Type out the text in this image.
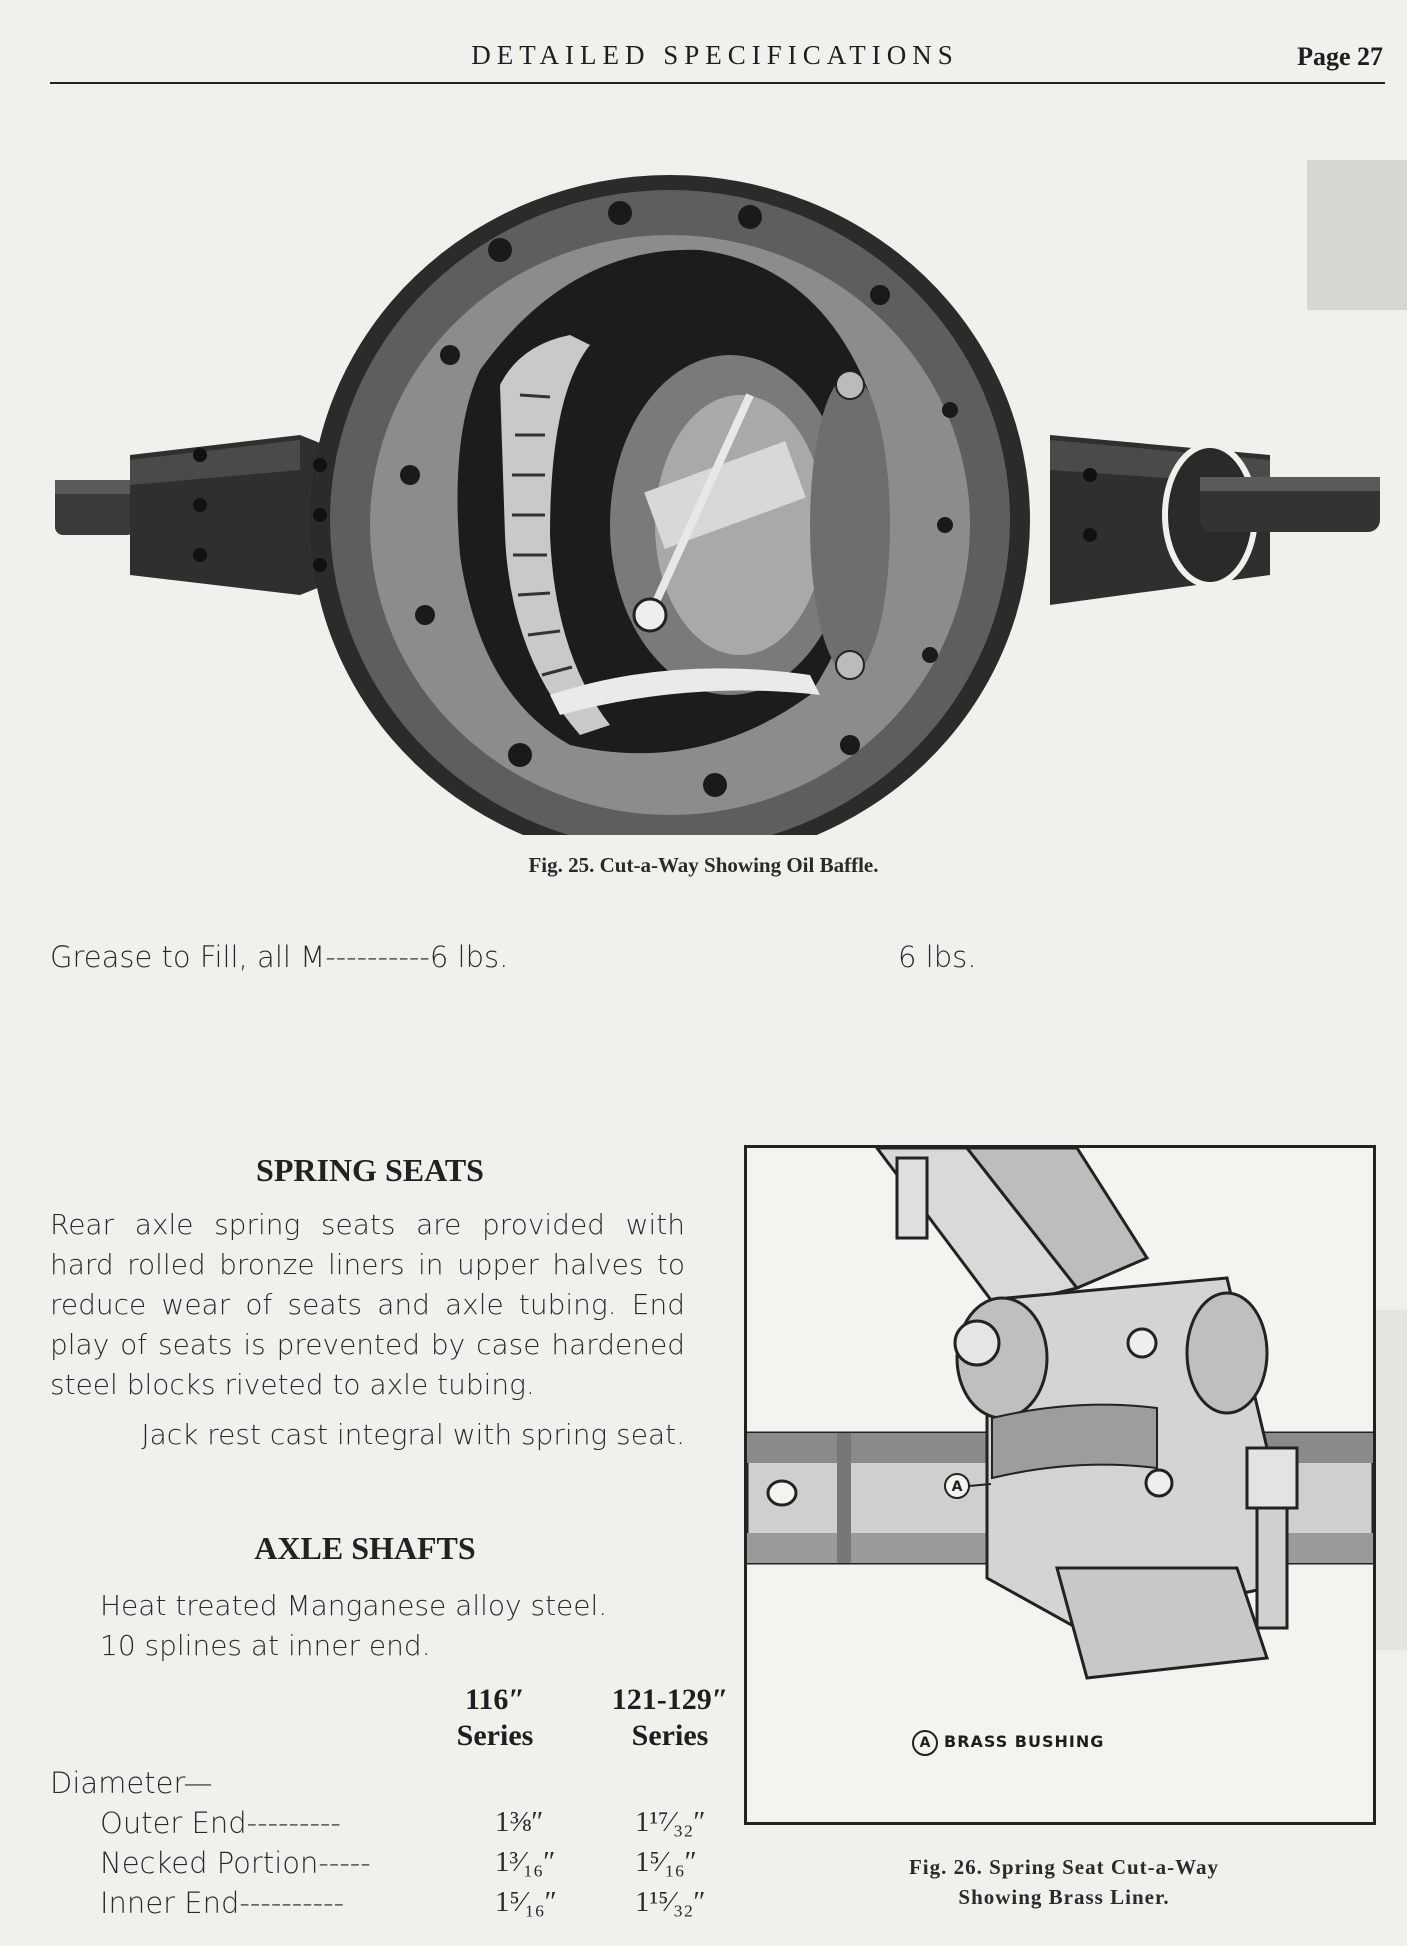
DETAILED SPECIFICATIONS	Page 27
Fig. 25. Cut-a-Way Showing Oil Baffle.
Grease to Fill, all M----------6 lbs.	6 lbs.
SPRING SEATS
Rear axle spring seats are provided with hard rolled bronze liners in upper halves to reduce wear of seats and axle tubing. End play of seats is prevented by case hardened steel blocks riveted to axle tubing.
Jack rest cast integral with spring seat.
AXLE SHAFTS
Heat treated Manganese alloy steel.
10 splines at inner end.
116″
Series
121-129″
Series
Diameter—
Outer End---------	1⅜″	1¹⁷⁄₃₂″
Necked Portion-----	1³⁄₁₆″	1⁵⁄₁₆″
Inner End----------	1⁵⁄₁₆″	1¹⁵⁄₃₂″
A
A BRASS BUSHING
Fig. 26. Spring Seat Cut-a-Way
Showing Brass Liner.
